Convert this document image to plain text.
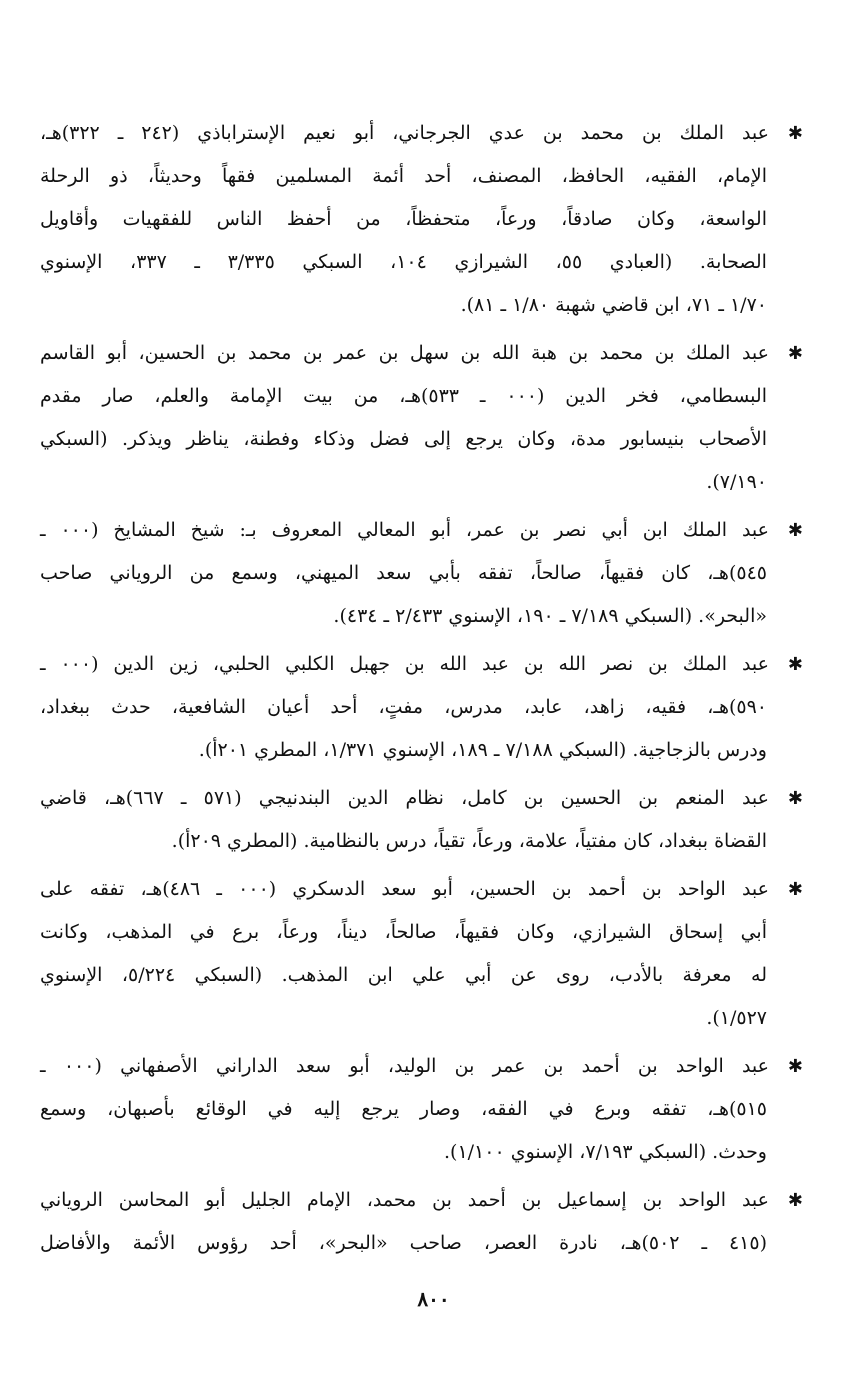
✱عبد الملك بن محمد بن عدي الجرجاني، أبو نعيم الإستراباذي (٢٤٢ ـ ٣٢٢)هـ،
الإمام، الفقيه، الحافظ، المصنف، أحد أئمة المسلمين فقهاً وحديثاً، ذو الرحلة
الواسعة، وكان صادقاً، ورعاً، متحفظاً، من أحفظ الناس للفقهيات وأقاويل
الصحابة. (العبادي ٥٥، الشيرازي ١٠٤، السبكي ٣/٣٣٥ ـ ٣٣٧، الإسنوي
١/٧٠ ـ ٧١، ابن قاضي شهبة ١/٨٠ ـ ٨١).
✱عبد الملك بن محمد بن هبة الله بن سهل بن عمر بن محمد بن الحسين، أبو القاسم
البسطامي، فخر الدين (٠٠٠ ـ ٥٣٣)هـ، من بيت الإمامة والعلم، صار مقدم
الأصحاب بنيسابور مدة، وكان يرجع إلى فضل وذكاء وفطنة، يناظر ويذكر. (السبكي
٧/١٩٠).
✱عبد الملك ابن أبي نصر بن عمر، أبو المعالي المعروف بـ: شيخ المشايخ (٠٠٠ ـ
٥٤٥)هـ، كان فقيهاً، صالحاً، تفقه بأبي سعد الميهني، وسمع من الروياني صاحب
«البحر». (السبكي ٧/١٨٩ ـ ١٩٠، الإسنوي ٢/٤٣٣ ـ ٤٣٤).
✱عبد الملك بن نصر الله بن عبد الله بن جهبل الكلبي الحلبي، زين الدين (٠٠٠ ـ
٥٩٠)هـ، فقيه، زاهد، عابد، مدرس، مفتٍ، أحد أعيان الشافعية، حدث ببغداد،
ودرس بالزجاجية. (السبكي ٧/١٨٨ ـ ١٨٩، الإسنوي ١/٣٧١، المطري ٢٠١أ).
✱عبد المنعم بن الحسين بن كامل، نظام الدين البندنيجي (٥٧١ ـ ٦٦٧)هـ، قاضي
القضاة ببغداد، كان مفتياً، علامة، ورعاً، تقياً، درس بالنظامية. (المطري ٢٠٩أ).
✱عبد الواحد بن أحمد بن الحسين، أبو سعد الدسكري (٠٠٠ ـ ٤٨٦)هـ، تفقه على
أبي إسحاق الشيرازي، وكان فقيهاً، صالحاً، ديناً، ورعاً، برع في المذهب، وكانت
له معرفة بالأدب، روى عن أبي علي ابن المذهب. (السبكي ٥/٢٢٤، الإسنوي
١/٥٢٧).
✱عبد الواحد بن أحمد بن عمر بن الوليد، أبو سعد الداراني الأصفهاني (٠٠٠ ـ
٥١٥)هـ، تفقه وبرع في الفقه، وصار يرجع إليه في الوقائع بأصبهان، وسمع
وحدث. (السبكي ٧/١٩٣، الإسنوي ١/١٠٠).
✱عبد الواحد بن إسماعيل بن أحمد بن محمد، الإمام الجليل أبو المحاسن الروياني
(٤١٥ ـ ٥٠٢)هـ، نادرة العصر، صاحب «البحر»، أحد رؤوس الأئمة والأفاضل
٨٠٠
